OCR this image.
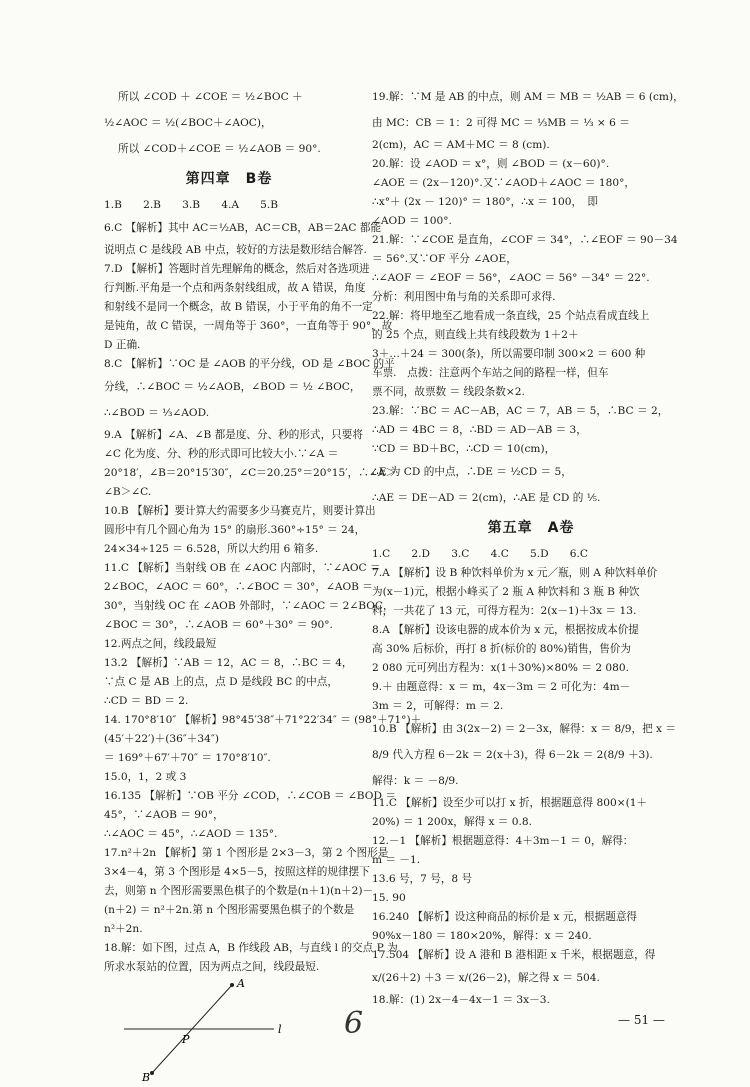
所以 ∠COD ＋ ∠COE ＝ ½∠BOC ＋

½∠AOC ＝ ½(∠BOC＋∠AOC)，

所以 ∠COD＋∠COE ＝ ½∠AOB ＝ 90°.

第四章　B卷

1.B　　2.B　　3.B　　4.A　　5.B

6.C 【解析】其中 AC＝½AB，AC＝CB，AB＝2AC 都能

说明点 C 是线段 AB 中点，较好的方法是数形结合解答.

7.D 【解析】答题时首先理解角的概念，然后对各选项进

行判断.平角是一个点和两条射线组成，故 A 错误，角度

和射线不是同一个概念，故 B 错误，小于平角的角不一定

是钝角，故 C 错误，一周角等于 360°，一直角等于 90°，故

D 正确.

8.C 【解析】∵OC 是 ∠AOB 的平分线，OD 是 ∠BOC 的平

分线，∴∠BOC ＝ ½∠AOB，∠BOD ＝ ½ ∠BOC，

∴∠BOD ＝ ⅓∠AOD.

9.A 【解析】∠A、∠B 都是度、分、秒的形式，只要将

∠C 化为度、分、秒的形式即可比较大小.∵∠A ＝

20°18′，∠B＝20°15′30″，∠C＝20.25°＝20°15′，∴∠A＞

∠B＞∠C.

10.B 【解析】要计算大约需要多少马赛克片，则要计算出

圆形中有几个圆心角为 15° 的扇形.360°÷15° ＝ 24，

24×34÷125 ＝ 6.528，所以大约用 6 箱多.

11.C 【解析】当射线 OB 在 ∠AOC 内部时，∵∠AOC ＝

2∠BOC，∠AOC ＝ 60°，∴∠BOC ＝ 30°，∠AOB ＝

30°，当射线 OC 在 ∠AOB 外部时，∵∠AOC ＝ 2∠BOC，

∠BOC ＝ 30°，∴∠AOB ＝ 60°＋30° ＝ 90°.

12.两点之间，线段最短

13.2 【解析】∵AB ＝ 12，AC ＝ 8，∴BC ＝ 4，

∵点 C 是 AB 上的点，点 D 是线段 BC 的中点，

∴CD ＝ BD ＝ 2.

14. 170°8′10″ 【解析】98°45′38″＋71°22′34″ ＝ (98°＋71°)＋

(45′＋22′)＋(36″＋34″)

＝ 169°＋67′＋70″ ＝ 170°8′10″.

15.0，1，2 或 3

16.135 【解析】∵OB 平分 ∠COD，∴∠COB ＝ ∠BOD ＝

45°，∵∠AOB ＝ 90°，

∴∠AOC ＝ 45°，∴∠AOD ＝ 135°.

17.n²＋2n 【解析】第 1 个图形是 2×3－3，第 2 个图形是

3×4－4，第 3 个图形是 4×5－5，按照这样的规律摆下

去，则第 n 个图形需要黑色棋子的个数是(n＋1)(n＋2)－

(n＋2) ＝ n²＋2n.第 n 个图形需要黑色棋子的个数是

n²＋2n.

18.解：如下图，过点 A，B 作线段 AB，与直线 l 的交点 P 为

所求水泵站的位置，因为两点之间，线段最短.

A
B
P
l

19.解：∵M 是 AB 的中点，则 AM ＝ MB ＝ ½AB ＝ 6 (cm)，

由 MC：CB ＝ 1：2 可得 MC ＝ ⅓MB ＝ ⅓ × 6 ＝

2(cm)，AC ＝ AM＋MC ＝ 8 (cm).

20.解：设 ∠AOD ＝ x°，则 ∠BOD ＝ (x－60)°.

∠AOE ＝ (2x－120)°.又∵∠AOD＋∠AOC ＝ 180°，

∴x°＋ (2x － 120)° ＝ 180°，∴x ＝ 100，　即

∠AOD ＝ 100°.

21.解：∵∠COE 是直角，∠COF ＝ 34°，∴∠EOF ＝ 90－34

＝ 56°.又∵OF 平分 ∠AOE，

∴∠AOF ＝ ∠EOF ＝ 56°，∠AOC ＝ 56° －34° ＝ 22°.

分析：利用图中角与角的关系即可求得.

22.解：将甲地至乙地看成一条直线，25 个站点看成直线上

的 25 个点，则直线上共有线段数为 1＋2＋

3＋…＋24 ＝ 300(条)，所以需要印制 300×2 ＝ 600 种

车票.　点拨：注意两个车站之间的路程一样，但车

票不同，故票数 ＝ 线段条数×2.

23.解：∵BC ＝ AC－AB，AC ＝ 7，AB ＝ 5，∴BC ＝ 2，

∴AD ＝ 4BC ＝ 8，∴BD ＝ AD－AB ＝ 3，

∵CD ＝ BD＋BC，∴CD ＝ 10(cm)，

∴E 为 CD 的中点，∴DE ＝ ½CD ＝ 5，

∴AE ＝ DE－AD ＝ 2(cm)，∴AE 是 CD 的 ⅕.

第五章　A卷

1.C　　2.D　　3.C　　4.C　　5.D　　6.C

7.A 【解析】设 B 种饮料单价为 x 元／瓶，则 A 种饮料单价

为(x－1)元，根据小峰买了 2 瓶 A 种饮料和 3 瓶 B 种饮

料，一共花了 13 元，可得方程为：2(x－1)＋3x ＝ 13.

8.A 【解析】设该电器的成本价为 x 元，根据按成本价提

高 30% 后标价，再打 8 折(标价的 80%)销售，售价为

2 080 元可列出方程为：x(1＋30%)×80% ＝ 2 080.

9.＋ 由题意得：x ＝ m，4x－3m ＝ 2 可化为：4m－

3m ＝ 2，可解得：m ＝ 2.

10.B 【解析】由 3(2x－2) ＝ 2－3x，解得：x ＝ 8/9，把 x ＝

8/9 代入方程 6－2k ＝ 2(x＋3)，得 6－2k ＝ 2(8/9 ＋3).

解得：k ＝ －8/9.

11.C 【解析】设至少可以打 x 折，根据题意得 800×(1＋

20%) ＝ 1 200x，解得 x ＝ 0.8.

12.－1 【解析】根据题意得：4＋3m－1 ＝ 0，解得：

m ＝ －1.

13.6 号，7 号，8 号

15. 90

16.240 【解析】设这种商品的标价是 x 元，根据题意得

90%x－180 ＝ 180×20%，解得：x ＝ 240.

17.504 【解析】设 A 港和 B 港相距 x 千米，根据题意，得

x/(26＋2) ＋3 ＝ x/(26－2)，解之得 x ＝ 504.

18.解：(1) 2x－4－4x－1 ＝ 3x－3.

6	— 51 —
